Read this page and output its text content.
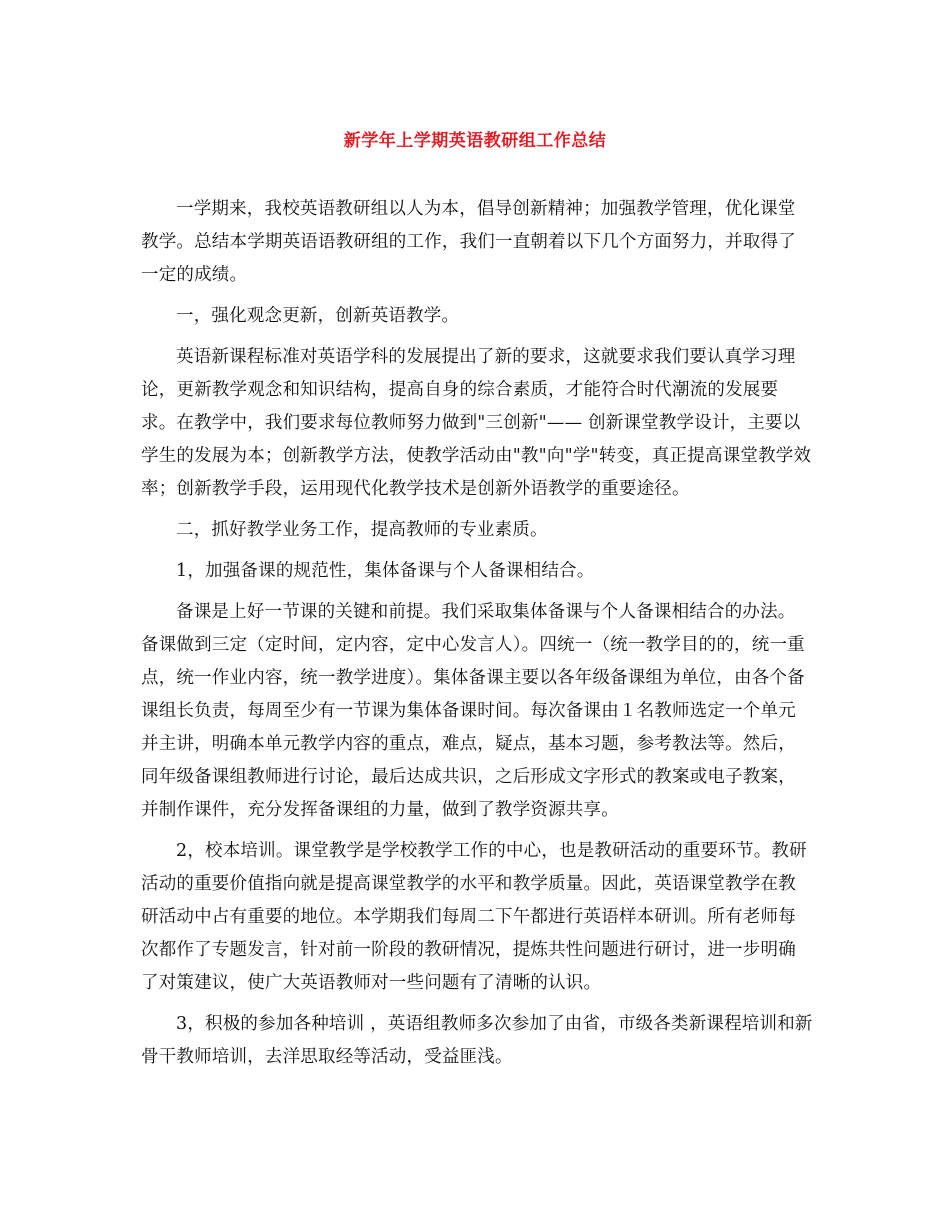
新学年上学期英语教研组工作总结

一学期来，我校英语教研组以人为本，倡导创新精神；加强教学管理，优化课堂教学。总结本学期英语语教研组的工作，我们一直朝着以下几个方面努力，并取得了一定的成绩。

一，强化观念更新，创新英语教学。

英语新课程标准对英语学科的发展提出了新的要求，这就要求我们要认真学习理论，更新教学观念和知识结构，提高自身的综合素质，才能符合时代潮流的发展要求。在教学中，我们要求每位教师努力做到"三创新"—— 创新课堂教学设计，主要以学生的发展为本；创新教学方法，使教学活动由"教"向"学"转变，真正提高课堂教学效率；创新教学手段，运用现代化教学技术是创新外语教学的重要途径。

二，抓好教学业务工作，提高教师的专业素质。

1，加强备课的规范性，集体备课与个人备课相结合。

备课是上好一节课的关键和前提。我们采取集体备课与个人备课相结合的办法。备课做到三定（定时间，定内容，定中心发言人）。四统一（统一教学目的的，统一重点，统一作业内容，统一教学进度）。集体备课主要以各年级备课组为单位，由各个备课组长负责，每周至少有一节课为集体备课时间。每次备课由１名教师选定一个单元并主讲，明确本单元教学内容的重点，难点，疑点，基本习题，参考教法等。然后，同年级备课组教师进行讨论，最后达成共识，之后形成文字形式的教案或电子教案，并制作课件，充分发挥备课组的力量，做到了教学资源共享。

2，校本培训。课堂教学是学校教学工作的中心，也是教研活动的重要环节。教研活动的重要价值指向就是提高课堂教学的水平和教学质量。因此，英语课堂教学在教研活动中占有重要的地位。本学期我们每周二下午都进行英语样本研训。所有老师每次都作了专题发言，针对前一阶段的教研情况，提炼共性问题进行研讨，进一步明确了对策建议，使广大英语教师对一些问题有了清晰的认识。

3，积极的参加各种培训 ，英语组教师多次参加了由省，市级各类新课程培训和新骨干教师培训，去洋思取经等活动，受益匪浅。
